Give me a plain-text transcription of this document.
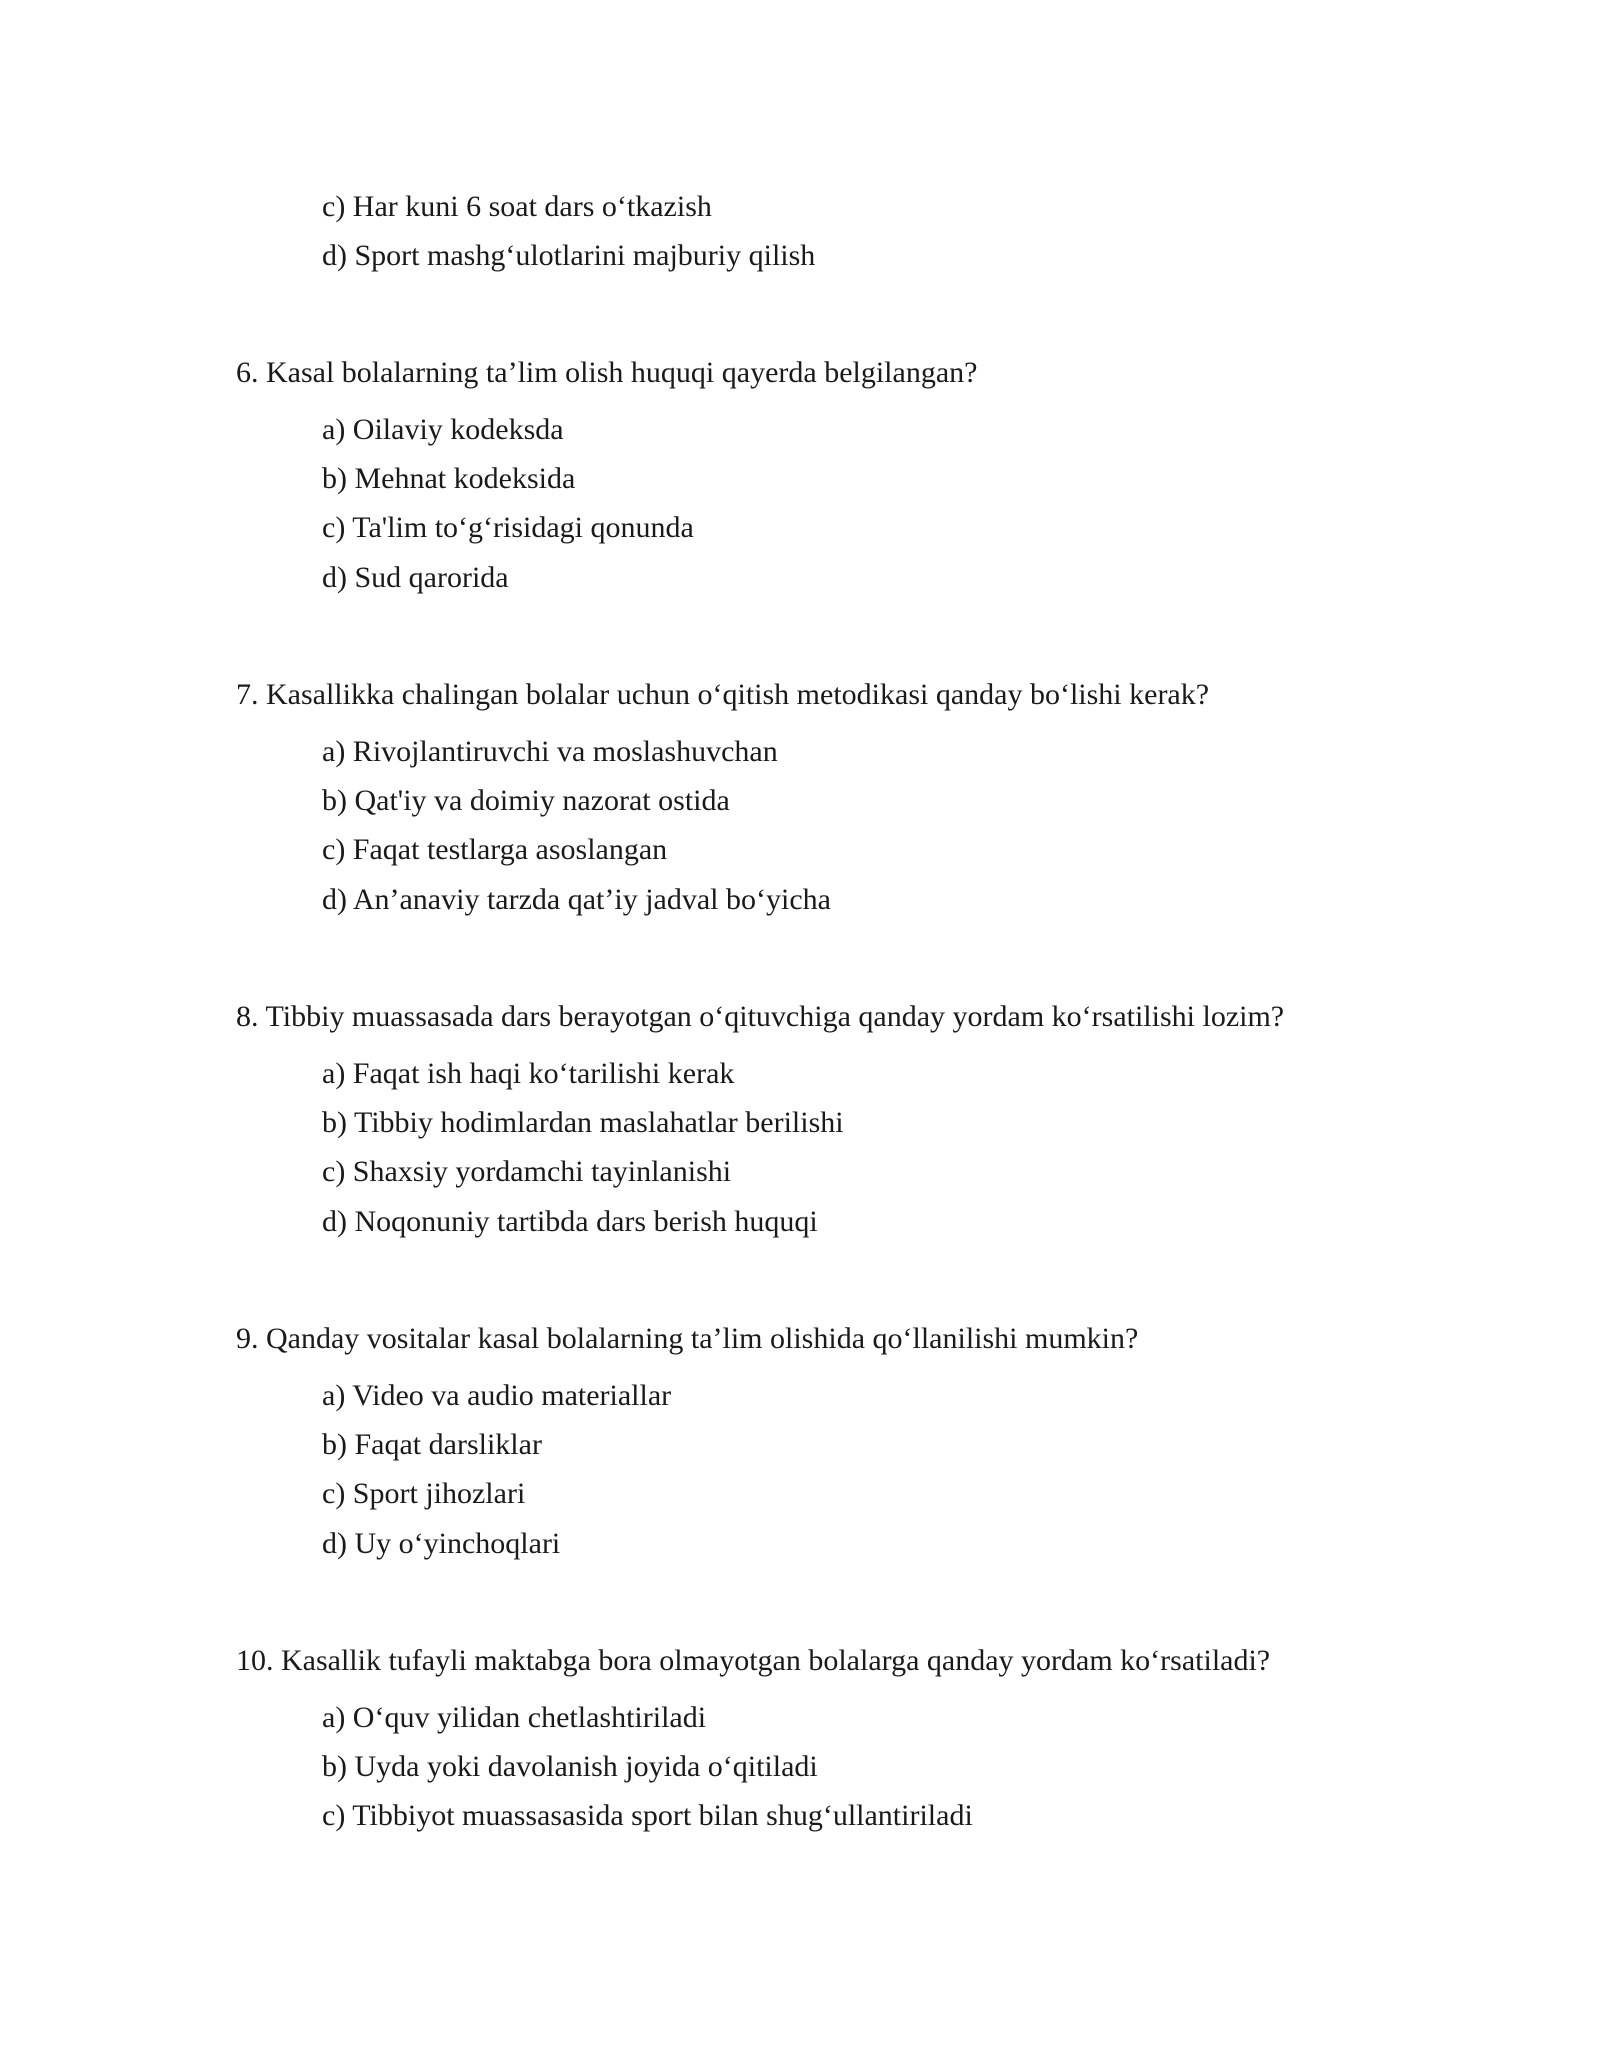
c) Har kuni 6 soat dars o‘tkazish
d) Sport mashg‘ulotlarini majburiy qilish
6. Kasal bolalarning ta’lim olish huquqi qayerda belgilangan?
a) Oilaviy kodeksda
b) Mehnat kodeksida
c) Ta'lim to‘g‘risidagi qonunda
d) Sud qarorida
7. Kasallikka chalingan bolalar uchun o‘qitish metodikasi qanday bo‘lishi kerak?
a) Rivojlantiruvchi va moslashuvchan
b) Qat'iy va doimiy nazorat ostida
c) Faqat testlarga asoslangan
d) An’anaviy tarzda qat’iy jadval bo‘yicha
8. Tibbiy muassasada dars berayotgan o‘qituvchiga qanday yordam ko‘rsatilishi lozim?
a) Faqat ish haqi ko‘tarilishi kerak
b) Tibbiy hodimlardan maslahatlar berilishi
c) Shaxsiy yordamchi tayinlanishi
d) Noqonuniy tartibda dars berish huquqi
9. Qanday vositalar kasal bolalarning ta’lim olishida qo‘llanilishi mumkin?
a) Video va audio materiallar
b) Faqat darsliklar
c) Sport jihozlari
d) Uy o‘yinchoqlari
10. Kasallik tufayli maktabga bora olmayotgan bolalarga qanday yordam ko‘rsatiladi?
a) O‘quv yilidan chetlashtiriladi
b) Uyda yoki davolanish joyida o‘qitiladi
c) Tibbiyot muassasasida sport bilan shug‘ullantiriladi
